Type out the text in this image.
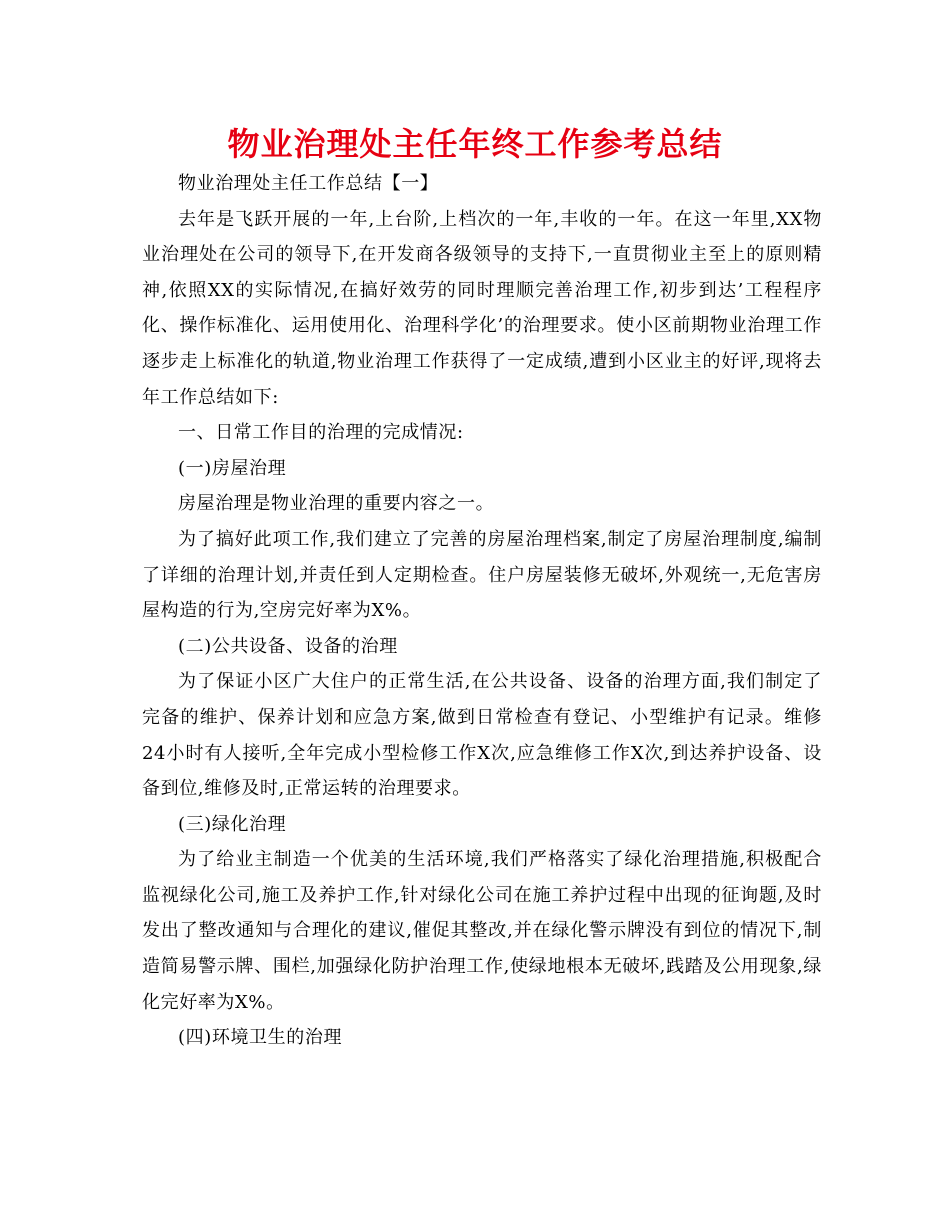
物业治理处主任年终工作参考总结

物业治理处主任工作总结【一】

去年是飞跃开展的一年,上台阶,上档次的一年,丰收的一年。在这一年里,XX物业治理处在公司的领导下,在开发商各级领导的支持下,一直贯彻业主至上的原则精神,依照XX的实际情况,在搞好效劳的同时理顺完善治理工作,初步到达’工程程序化、操作标准化、运用使用化、治理科学化’的治理要求。使小区前期物业治理工作逐步走上标准化的轨道,物业治理工作获得了一定成绩,遭到小区业主的好评,现将去年工作总结如下:

一、日常工作目的治理的完成情况:

(一)房屋治理

房屋治理是物业治理的重要内容之一。

为了搞好此项工作,我们建立了完善的房屋治理档案,制定了房屋治理制度,编制了详细的治理计划,并责任到人定期检查。住户房屋装修无破坏,外观统一,无危害房屋构造的行为,空房完好率为X%。

(二)公共设备、设备的治理

为了保证小区广大住户的正常生活,在公共设备、设备的治理方面,我们制定了完备的维护、保养计划和应急方案,做到日常检查有登记、小型维护有记录。维修24小时有人接听,全年完成小型检修工作X次,应急维修工作X次,到达养护设备、设备到位,维修及时,正常运转的治理要求。

(三)绿化治理

为了给业主制造一个优美的生活环境,我们严格落实了绿化治理措施,积极配合监视绿化公司,施工及养护工作,针对绿化公司在施工养护过程中出现的征询题,及时发出了整改通知与合理化的建议,催促其整改,并在绿化警示牌没有到位的情况下,制造简易警示牌、围栏,加强绿化防护治理工作,使绿地根本无破坏,践踏及公用现象,绿化完好率为X%。

(四)环境卫生的治理
